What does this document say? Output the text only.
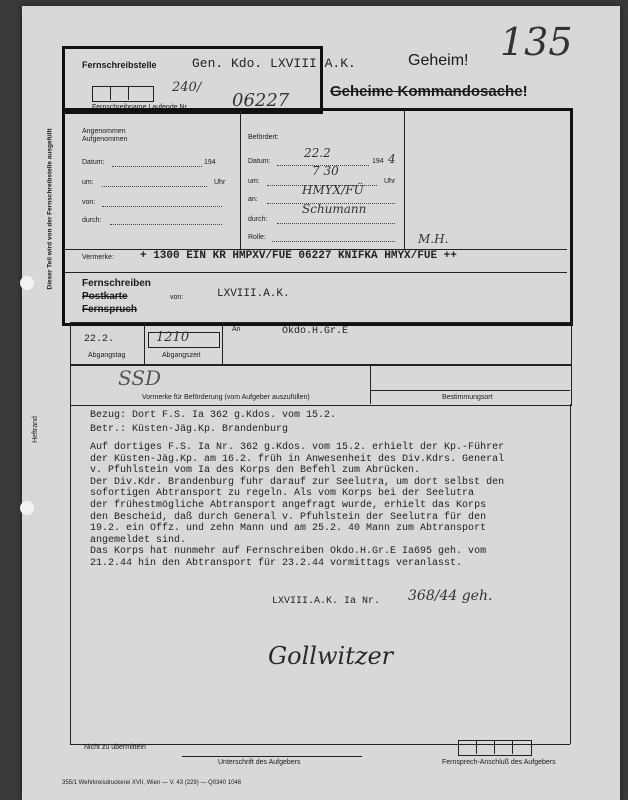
135
Fernschreibstelle	Gen. Kdo. LXVIII A.K.	Geheim!
Geheime Kommandosache!
Fernschreibname Laufende Nr.
240/
06227
Dieser Teil wird von der Fernschreibstelle ausgefüllt	Angenommen
Aufgenommen
Datum:	194
um:	Uhr
von:
durch:
Befördert:
Datum:
22.2
194 4
um:
7 30
Uhr
an:
HMYX/FÜ
durch:
Schumann
Rolle:	M.H.
Vermerke: + 1300 EIN KR HMPXV/FUE 06227 KNIFKA HMYX/FUE ++
Fernschreiben
Postkarte	von:
Fernspruch
LXVIII.A.K.
22.2.
Abgangstag
1210
Abgangszeit
An	Okdo.H.Gr.E
SSD
Vormerke für Beförderung (vom Aufgeber auszufüllen)	Bestimmungsort
Heftrand
Bezug: Dort F.S. Ia 362 g.Kdos. vom 15.2.
Betr.: Küsten-Jäg.Kp. Brandenburg
Auf dortiges F.S. Ia Nr. 362 g.Kdos. vom 15.2. erhielt der Kp.-Führer
der Küsten-Jäg.Kp. am 16.2. früh in Anwesenheit des Div.Kdrs. General
v. Pfuhlstein vom Ia des Korps den Befehl zum Abrücken.
Der Div.Kdr. Brandenburg fuhr darauf zur Seelutra, um dort selbst den
sofortigen Abtransport zu regeln. Als vom Korps bei der Seelutra
der frühestmögliche Abtransport angefragt wurde, erhielt das Korps
den Bescheid, daß durch General v. Pfuhlstein der Seelutra für den
19.2. ein Offz. und zehn Mann und am 25.2. 40 Mann zum Abtransport
angemeldet sind.
Das Korps hat nunmehr auf Fernschreiben Okdo.H.Gr.E Ia695 geh. vom
21.2.44 hin den Abtransport für 23.2.44 vormittags veranlasst.
LXVIII.A.K. Ia Nr. 368/44 geh.
Gollwitzer
Nicht zu übermitteln
Unterschrift des Aufgebers	Fernsprech-Anschluß des Aufgebers
355/1 Wehrkreisdruckerei XVII, Wien — V. 43 (229) — Q0340 1046
